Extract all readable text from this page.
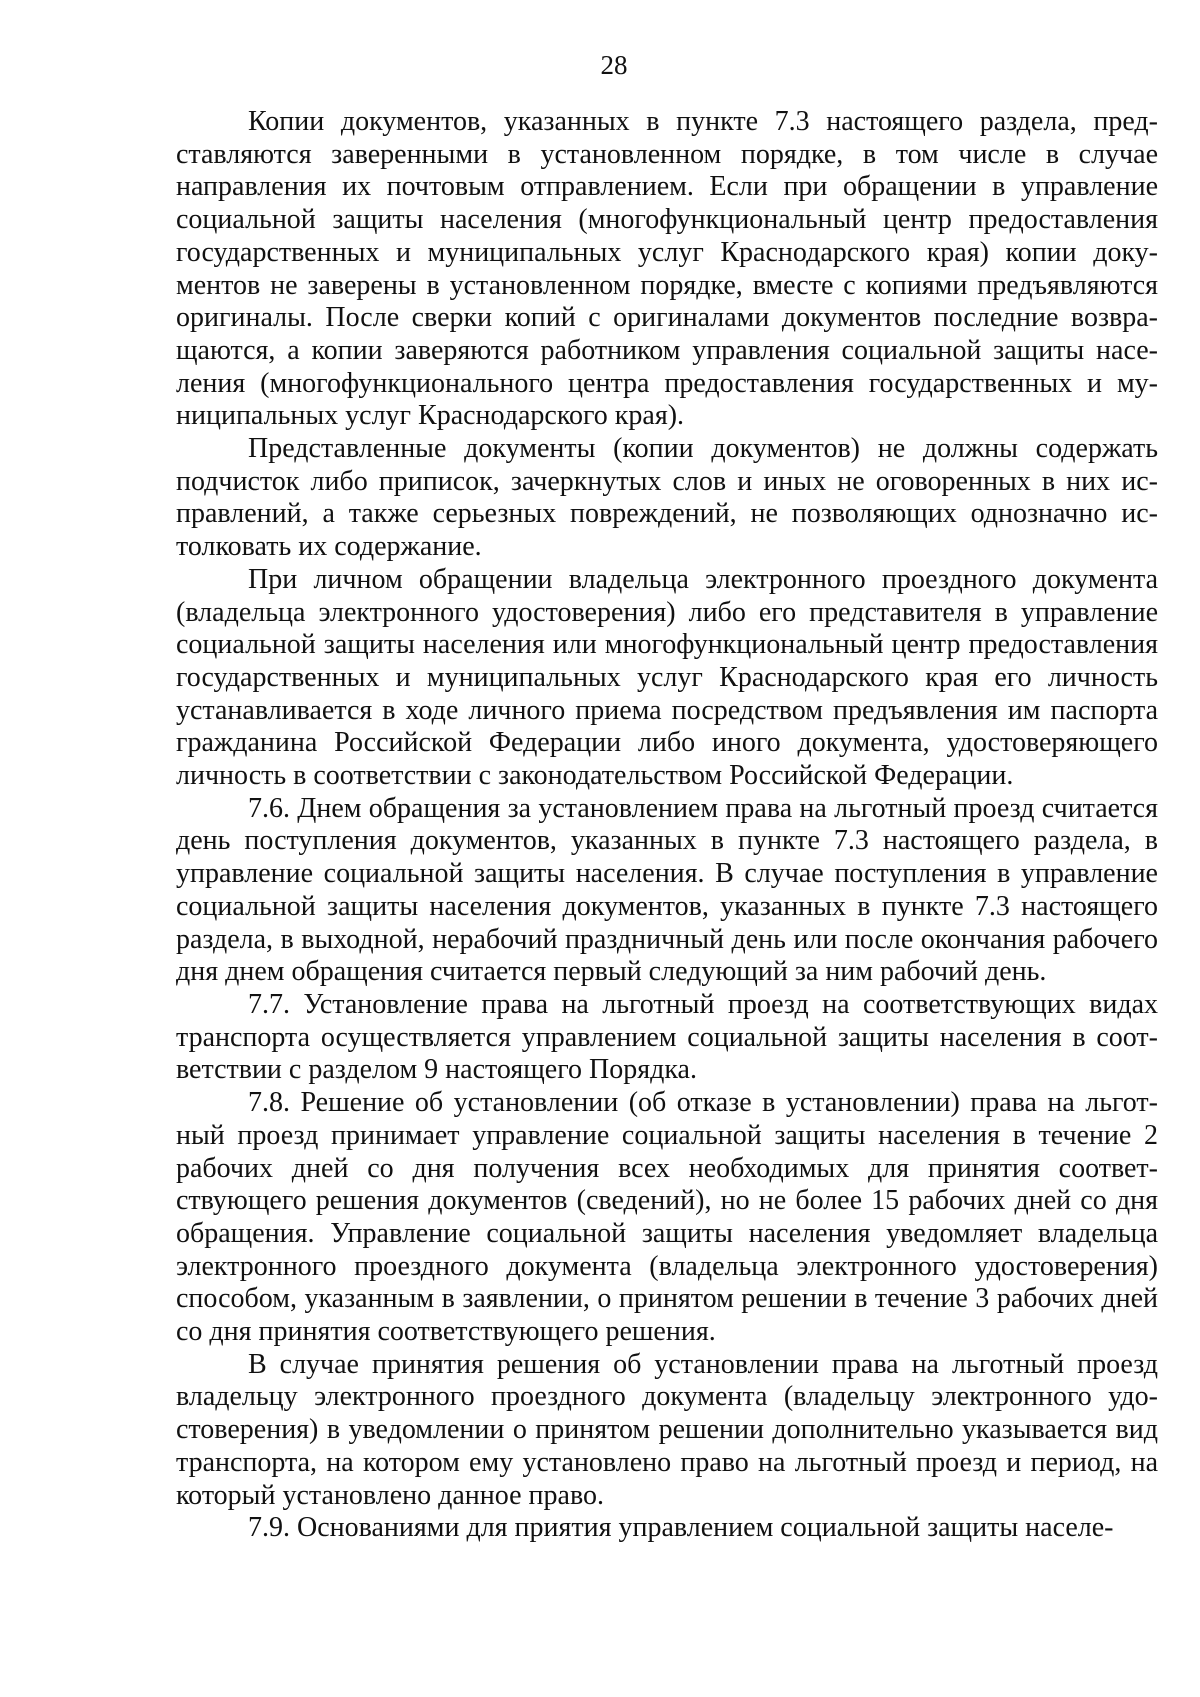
28

Копии документов, указанных в пункте 7.3 настоящего раздела, представляются заверенными в установленном порядке, в том числе в случае направления их почтовым отправлением. Если при обращении в управление социальной защиты населения (многофункциональный центр предоставления государственных и муниципальных услуг Краснодарского края) копии документов не заверены в установленном порядке, вместе с копиями предъявляются оригиналы. После сверки копий с оригиналами документов последние возвращаются, а копии заверяются работником управления социальной защиты населения (многофункционального центра предоставления государственных и муниципальных услуг Краснодарского края).

Представленные документы (копии документов) не должны содержать подчисток либо приписок, зачеркнутых слов и иных не оговоренных в них исправлений, а также серьезных повреждений, не позволяющих однозначно истолковать их содержание.

При личном обращении владельца электронного проездного документа (владельца электронного удостоверения) либо его представителя в управление социальной защиты населения или многофункциональный центр предоставления государственных и муниципальных услуг Краснодарского края его личность устанавливается в ходе личного приема посредством предъявления им паспорта гражданина Российской Федерации либо иного документа, удостоверяющего личность в соответствии с законодательством Российской Федерации.

7.6. Днем обращения за установлением права на льготный проезд считается день поступления документов, указанных в пункте 7.3 настоящего раздела, в управление социальной защиты населения. В случае поступления в управление социальной защиты населения документов, указанных в пункте 7.3 настоящего раздела, в выходной, нерабочий праздничный день или после окончания рабочего дня днем обращения считается первый следующий за ним рабочий день.

7.7. Установление права на льготный проезд на соответствующих видах транспорта осуществляется управлением социальной защиты населения в соответствии с разделом 9 настоящего Порядка.

7.8. Решение об установлении (об отказе в установлении) права на льготный проезд принимает управление социальной защиты населения в течение 2 рабочих дней со дня получения всех необходимых для принятия соответствующего решения документов (сведений), но не более 15 рабочих дней со дня обращения. Управление социальной защиты населения уведомляет владельца электронного проездного документа (владельца электронного удостоверения) способом, указанным в заявлении, о принятом решении в течение 3 рабочих дней со дня принятия соответствующего решения.

В случае принятия решения об установлении права на льготный проезд владельцу электронного проездного документа (владельцу электронного удостоверения) в уведомлении о принятом решении дополнительно указывается вид транспорта, на котором ему установлено право на льготный проезд и период, на который установлено данное право.

7.9. Основаниями для приятия управлением социальной защиты населе-
